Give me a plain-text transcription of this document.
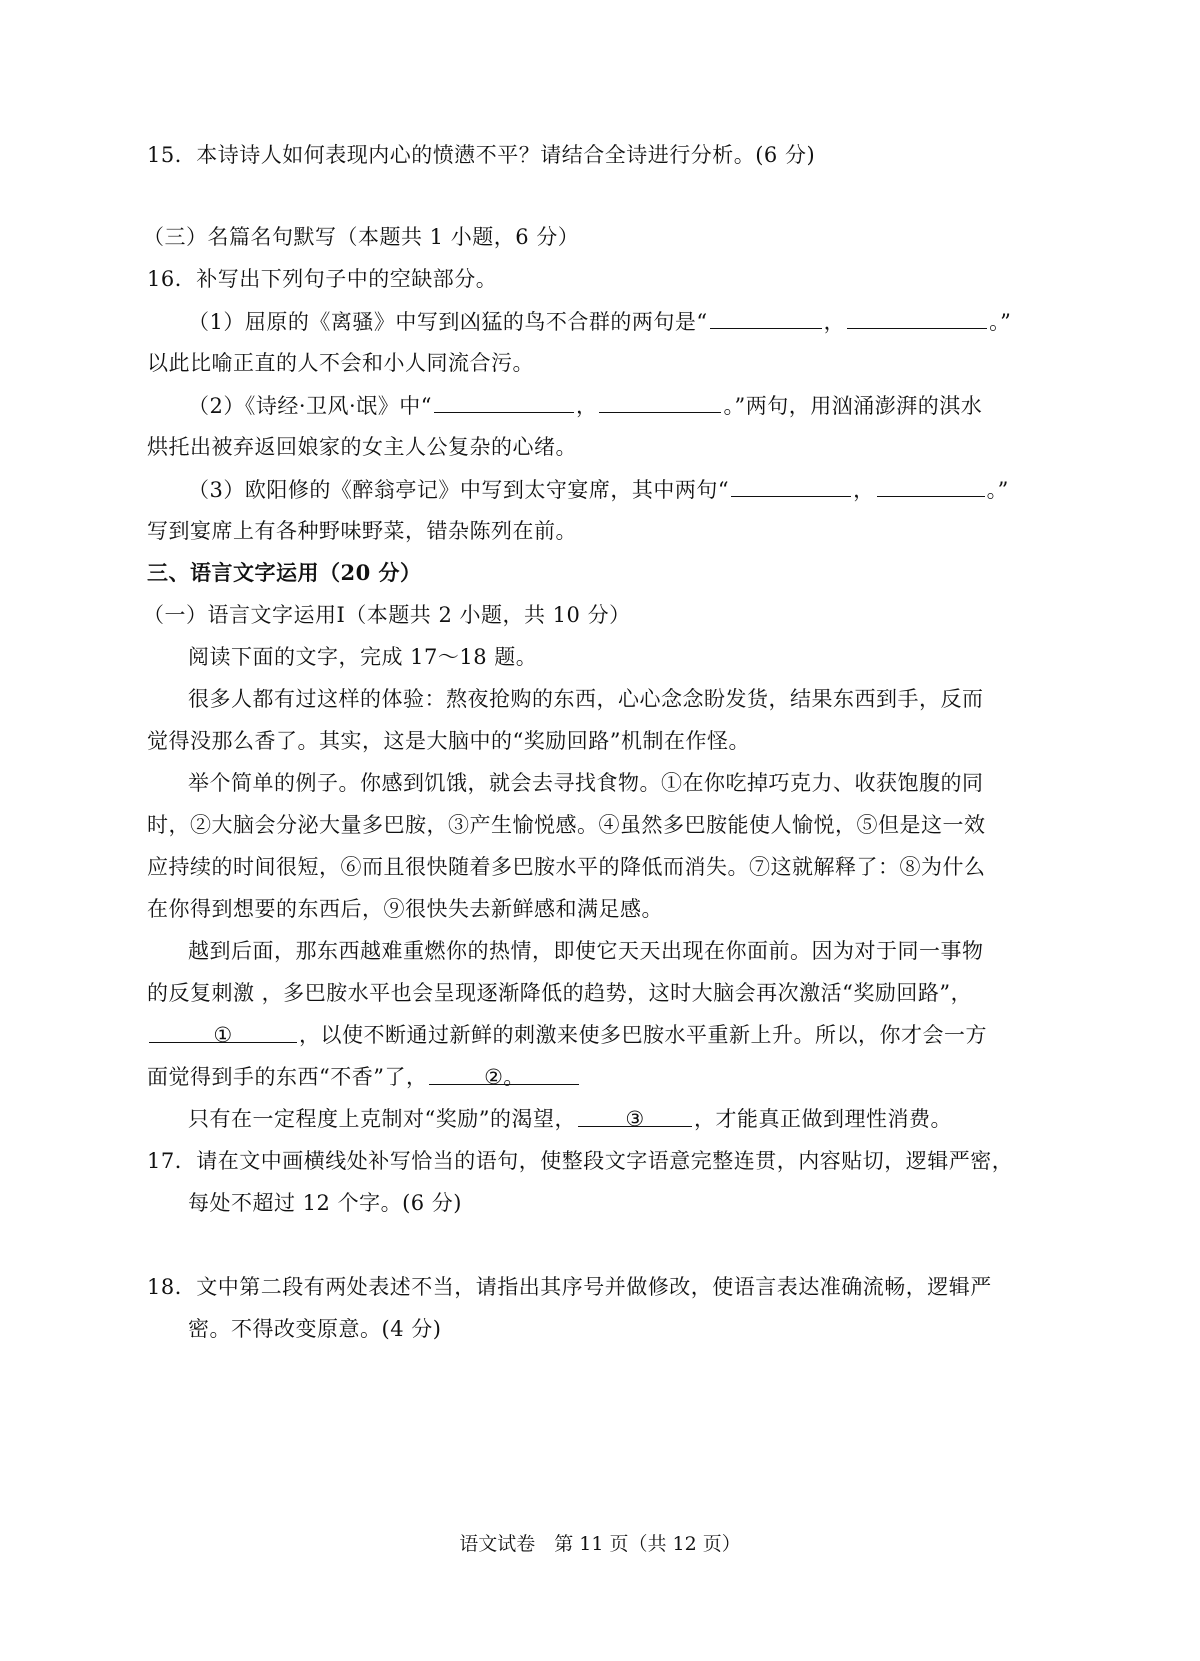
15．本诗诗人如何表现内心的愤懑不平？请结合全诗进行分析。(6 分)
（三）名篇名句默写（本题共 1 小题，6 分）
16．补写出下列句子中的空缺部分。
（1）屈原的《离骚》中写到凶猛的鸟不合群的两句是“	，	。”
以此比喻正直的人不会和小人同流合污。
（2）《诗经·卫风·氓》中“	，	。”两句，用汹涌澎湃的淇水
烘托出被弃返回娘家的女主人公复杂的心绪。
（3）欧阳修的《醉翁亭记》中写到太守宴席，其中两句“	，	。”
写到宴席上有各种野味野菜，错杂陈列在前。
三、语言文字运用（20 分）
（一）语言文字运用Ⅰ（本题共 2 小题，共 10 分）
阅读下面的文字，完成 17～18 题。
很多人都有过这样的体验：熬夜抢购的东西，心心念念盼发货，结果东西到手，反而
觉得没那么香了。其实，这是大脑中的“奖励回路”机制在作怪。
举个简单的例子。你感到饥饿，就会去寻找食物。①在你吃掉巧克力、收获饱腹的同
时，②大脑会分泌大量多巴胺，③产生愉悦感。④虽然多巴胺能使人愉悦，⑤但是这一效
应持续的时间很短，⑥而且很快随着多巴胺水平的降低而消失。⑦这就解释了：⑧为什么
在你得到想要的东西后，⑨很快失去新鲜感和满足感。
越到后面，那东西越难重燃你的热情，即使它天天出现在你面前。因为对于同一事物
的反复刺激 ，多巴胺水平也会呈现逐渐降低的趋势，这时大脑会再次激活“奖励回路”，
①	，以使不断通过新鲜的刺激来使多巴胺水平重新上升。所以，你才会一方
面觉得到手的东西“不香”了，	②。
只有在一定程度上克制对“奖励”的渴望， ③ ，才能真正做到理性消费。
17．请在文中画横线处补写恰当的语句，使整段文字语意完整连贯，内容贴切，逻辑严密，
每处不超过 12 个字。(6 分)
18．文中第二段有两处表述不当，请指出其序号并做修改，使语言表达准确流畅，逻辑严
密。不得改变原意。(4 分)
语文试卷　第 11 页（共 12 页）
